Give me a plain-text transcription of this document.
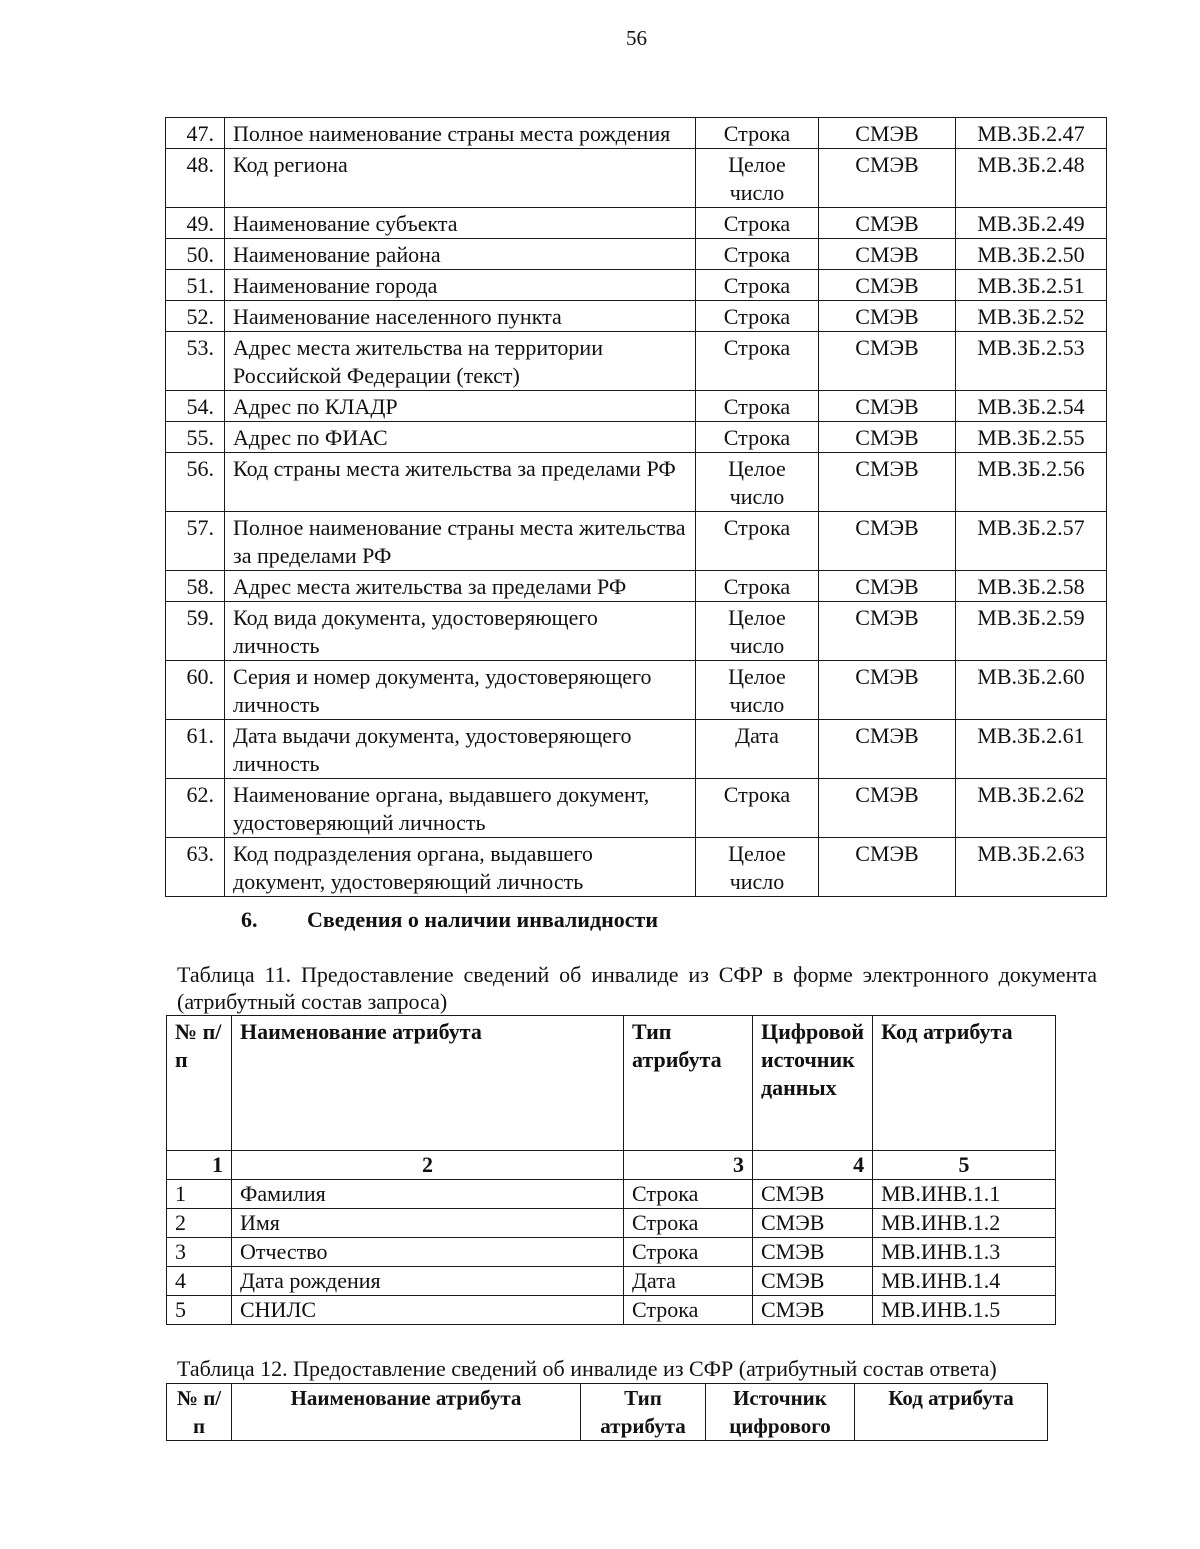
56
47.	Полное наименование страны места рождения	Строка	СМЭВ	МВ.ЗБ.2.47
48.	Код региона	Целое число	СМЭВ	МВ.ЗБ.2.48
49.	Наименование субъекта	Строка	СМЭВ	МВ.ЗБ.2.49
50.	Наименование района	Строка	СМЭВ	МВ.ЗБ.2.50
51.	Наименование города	Строка	СМЭВ	МВ.ЗБ.2.51
52.	Наименование населенного пункта	Строка	СМЭВ	МВ.ЗБ.2.52
53.	Адрес места жительства на территории Российской Федерации (текст)	Строка	СМЭВ	МВ.ЗБ.2.53
54.	Адрес по КЛАДР	Строка	СМЭВ	МВ.ЗБ.2.54
55.	Адрес по ФИАС	Строка	СМЭВ	МВ.ЗБ.2.55
56.	Код страны места жительства за пределами РФ	Целое число	СМЭВ	МВ.ЗБ.2.56
57.	Полное наименование страны места жительства за пределами РФ	Строка	СМЭВ	МВ.ЗБ.2.57
58.	Адрес места жительства за пределами РФ	Строка	СМЭВ	МВ.ЗБ.2.58
59.	Код вида документа, удостоверяющего личность	Целое число	СМЭВ	МВ.ЗБ.2.59
60.	Серия и номер документа, удостоверяющего личность	Целое число	СМЭВ	МВ.ЗБ.2.60
61.	Дата выдачи документа, удостоверяющего личность	Дата	СМЭВ	МВ.ЗБ.2.61
62.	Наименование органа, выдавшего документ, удостоверяющий личность	Строка	СМЭВ	МВ.ЗБ.2.62
63.	Код подразделения органа, выдавшего документ, удостоверяющий личность	Целое число	СМЭВ	МВ.ЗБ.2.63
6. Сведения о наличии инвалидности
Таблица 11. Предоставление сведений об инвалиде из СФР в форме электронного документа (атрибутный состав запроса)
№ п/п	Наименование атрибута	Тип атрибута	Цифровой источник данных	Код атрибута
1	2	3	4	5
1	Фамилия	Строка	СМЭВ	МВ.ИНВ.1.1
2	Имя	Строка	СМЭВ	МВ.ИНВ.1.2
3	Отчество	Строка	СМЭВ	МВ.ИНВ.1.3
4	Дата рождения	Дата	СМЭВ	МВ.ИНВ.1.4
5	СНИЛС	Строка	СМЭВ	МВ.ИНВ.1.5
Таблица 12. Предоставление сведений об инвалиде из СФР (атрибутный состав ответа)
№ п/п	Наименование атрибута	Тип атрибута	Источник цифрового	Код атрибута
